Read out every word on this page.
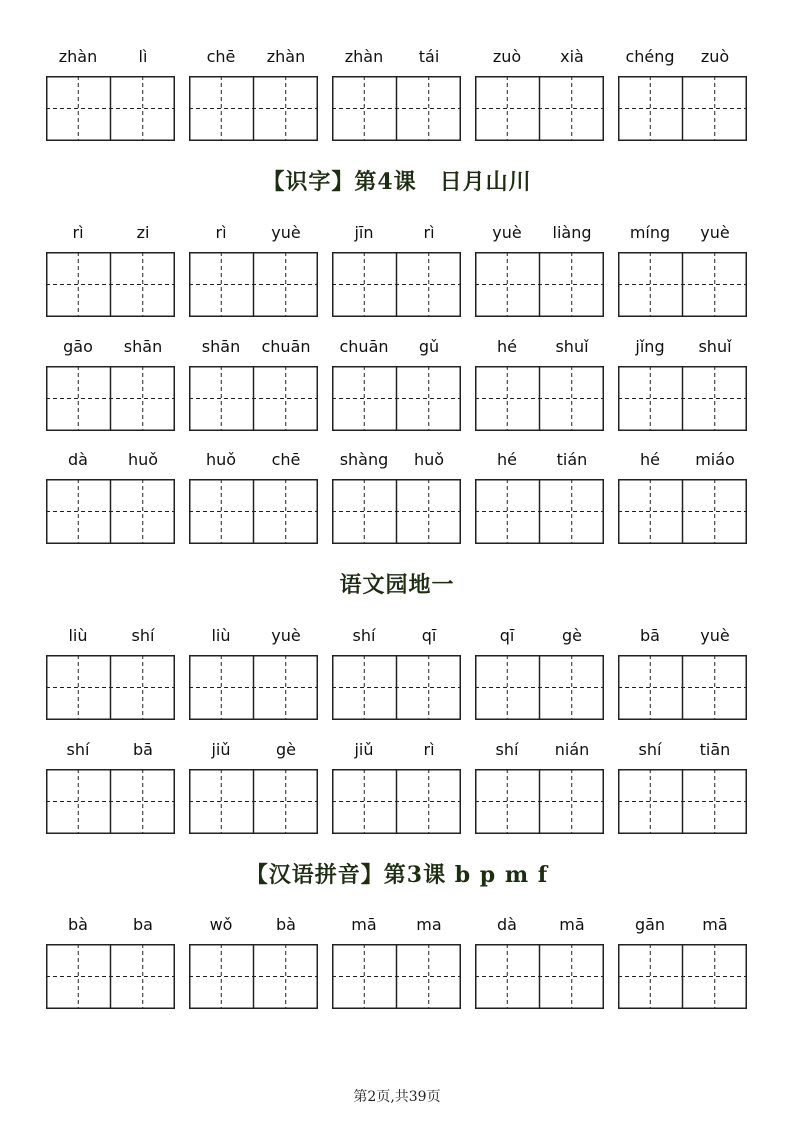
zhàn	lì	chē	zhàn	zhàn	tái	zuò	xià	chéng	zuò
【识字】第4课　日月山川
rì	zi	rì	yuè	jīn	rì	yuè	liàng	míng	yuè
gāo	shān	shān	chuān	chuān	gǔ	hé	shuǐ	jǐng	shuǐ
dà	huǒ	huǒ	chē	shàng	huǒ	hé	tián	hé	miáo
语文园地一
liù	shí	liù	yuè	shí	qī	qī	gè	bā	yuè
shí	bā	jiǔ	gè	jiǔ	rì	shí	nián	shí	tiān
【汉语拼音】第3课 b p m f
bà	ba	wǒ	bà	mā	ma	dà	mā	gān	mā
第2页,共39页
